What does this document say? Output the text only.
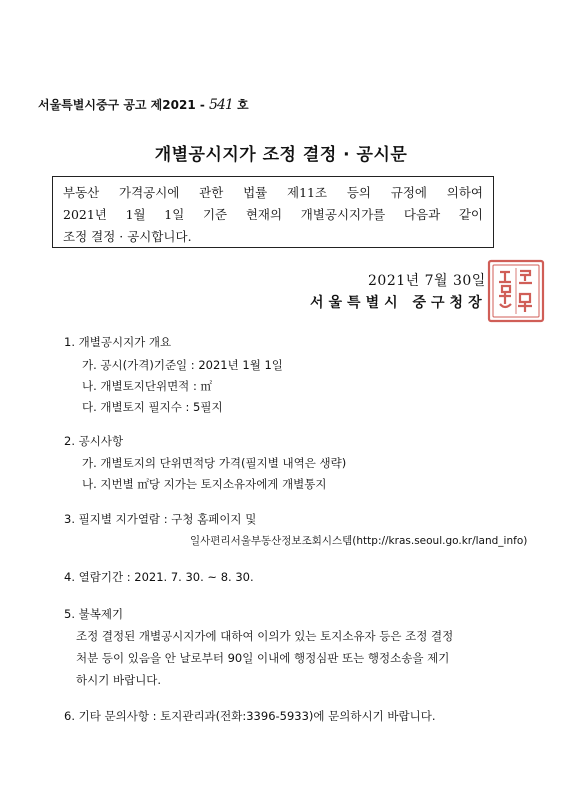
서울특별시중구 공고 제2021 - 541 호
개별공시지가 조정 결정 · 공시문
부동산 가격공시에 관한 법률 제11조 등의 규정에 의하여
2021년 1월 1일 기준 현재의 개별공시지가를 다음과 같이
조정 결정 · 공시합니다.
2021년 7월 30일
서울특별시 중구청장
1. 개별공시지가 개요
가. 공시(가격)기준일 : 2021년 1월 1일
나. 개별토지단위면적 : ㎡
다. 개별토지 필지수 : 5필지
2. 공시사항
가. 개별토지의 단위면적당 가격(필지별 내역은 생략)
나. 지번별 ㎡당 지가는 토지소유자에게 개별통지
3. 필지별 지가열람 : 구청 홈페이지 및
일사편리서울부동산정보조회시스템(http://kras.seoul.go.kr/land_info)
4. 열람기간 : 2021. 7. 30. ~ 8. 30.
5. 불복제기
조정 결정된 개별공시지가에 대하여 이의가 있는 토지소유자 등은 조정 결정
처분 등이 있음을 안 날로부터 90일 이내에 행정심판 또는 행정소송을 제기
하시기 바랍니다.
6. 기타 문의사항 : 토지관리과(전화:3396-5933)에 문의하시기 바랍니다.
